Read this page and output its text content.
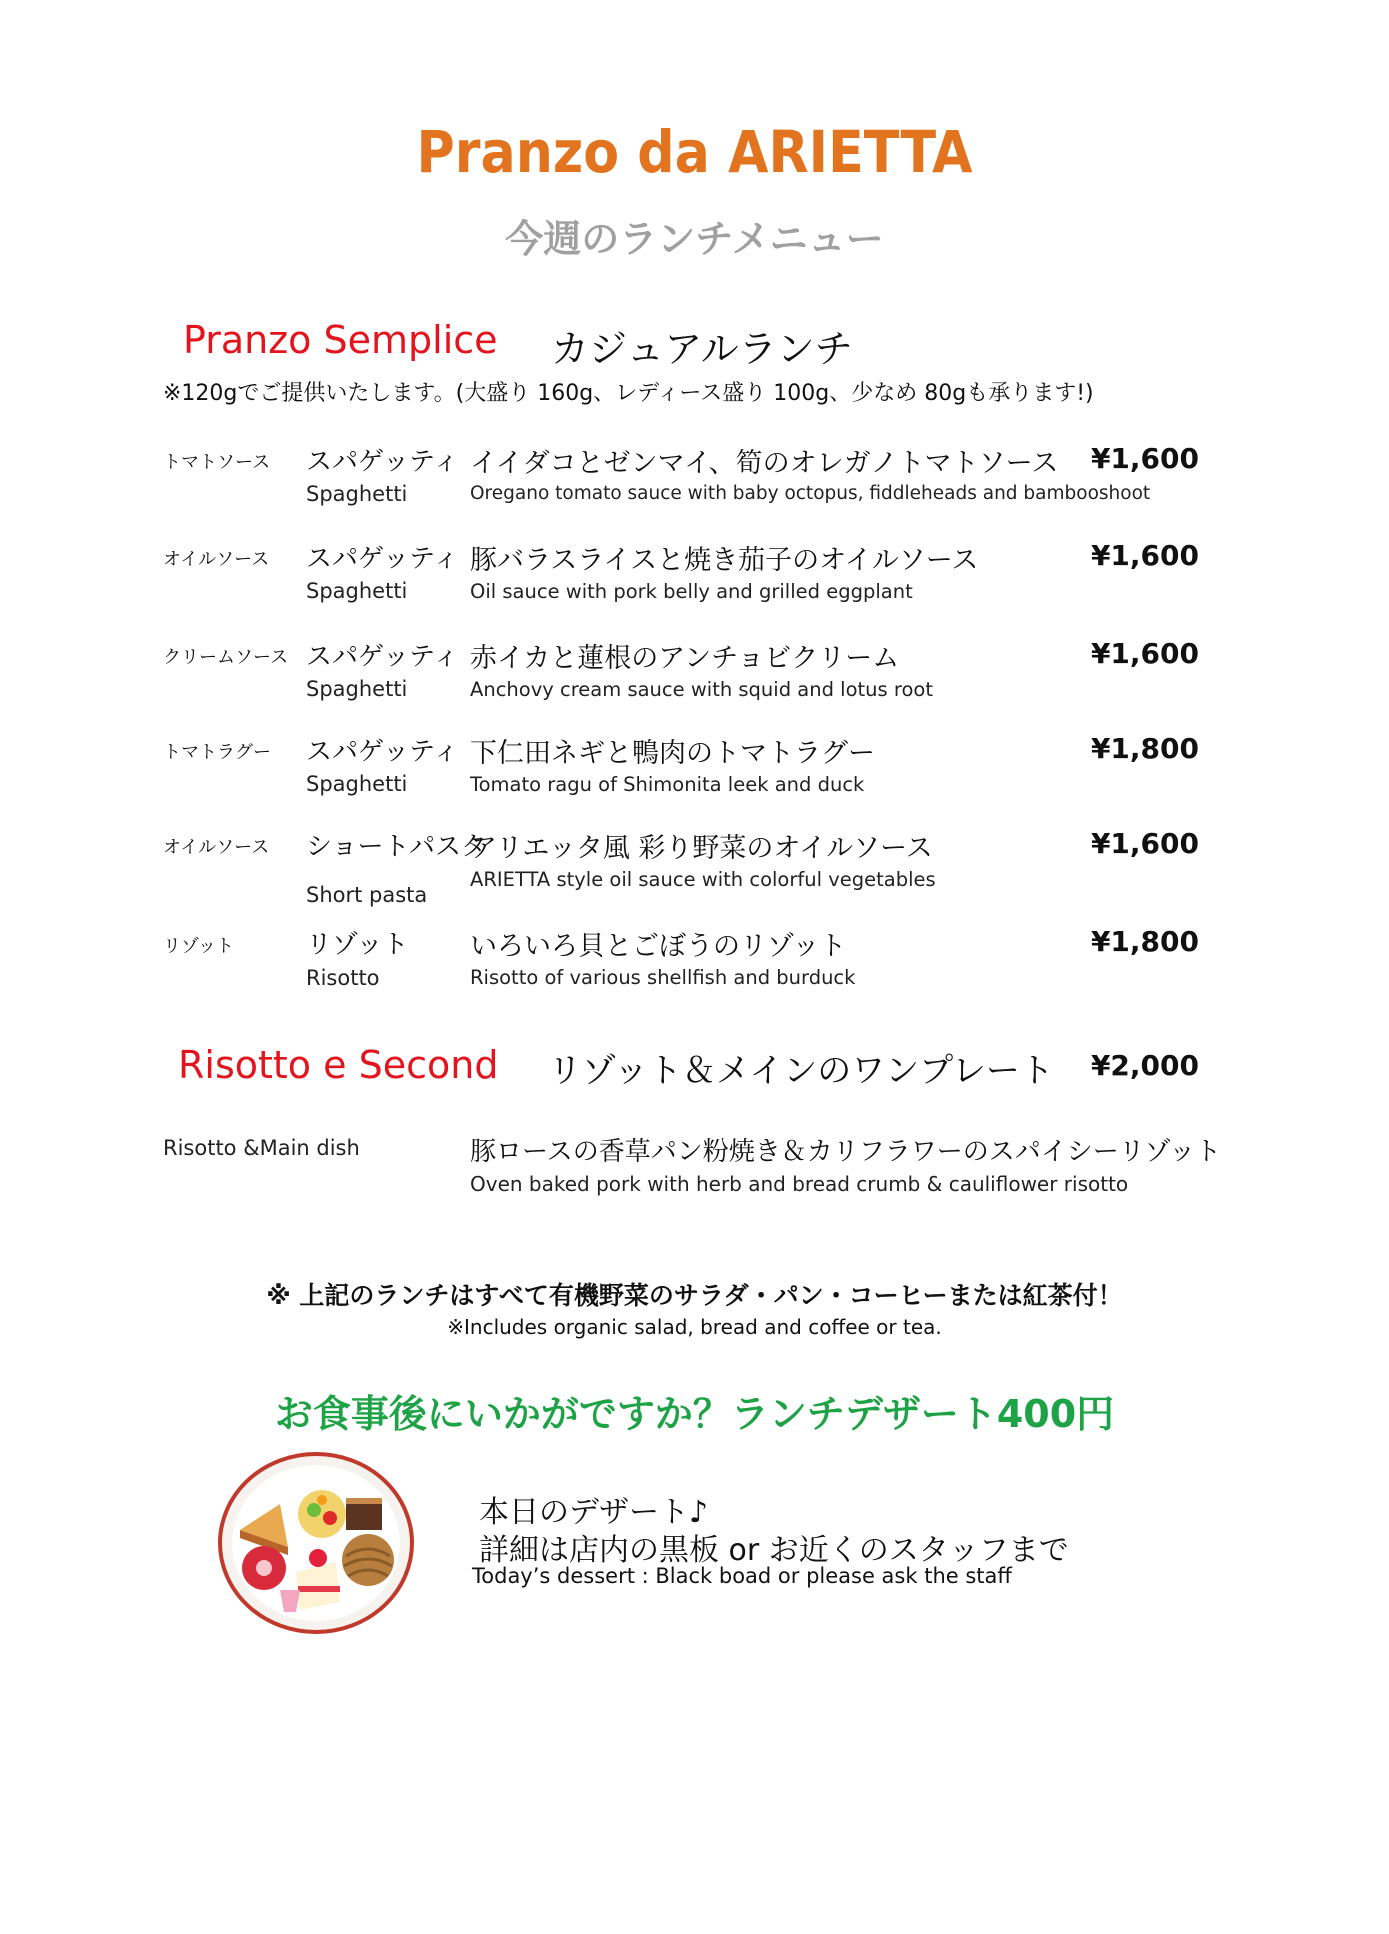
Pranzo da ARIETTA
今週のランチメニュー
Pranzo Semplice カジュアルランチ
※120gでご提供いたします。(大盛り 160g、レディース盛り 100g、少なめ 80gも承ります!)
トマトソース スパゲッティ
Spaghetti
イイダコとゼンマイ、筍のオレガノトマトソース
Oregano tomato sauce with baby octopus, fiddleheads and bambooshoot
¥1,600
オイルソース スパゲッティ
Spaghetti
豚バラスライスと焼き茄子のオイルソース
Oil sauce with pork belly and grilled eggplant
¥1,600
クリームソース スパゲッティ
Spaghetti
赤イカと蓮根のアンチョビクリーム
Anchovy cream sauce with squid and lotus root
¥1,600
トマトラグー スパゲッティ
Spaghetti
下仁田ネギと鴨肉のトマトラグー
Tomato ragu of Shimonita leek and duck
¥1,800
オイルソース ショートパスタ
Short pasta
アリエッタ風 彩り野菜のオイルソース
ARIETTA style oil sauce with colorful vegetables
¥1,600
リゾット	リゾット
Risotto
いろいろ貝とごぼうのリゾット
Risotto of various shellfish and burduck
¥1,800
Risotto e Second リゾット＆メインのワンプレート ¥2,000
Risotto &Main dish	豚ロースの香草パン粉焼き＆カリフラワーのスパイシーリゾット
Oven baked pork with herb and bread crumb & cauliflower risotto
※ 上記のランチはすべて有機野菜のサラダ・パン・コーヒーまたは紅茶付！
※Includes organic salad, bread and coffee or tea.
お食事後にいかがですか？ランチデザート400円
本日のデザート♪
詳細は店内の黒板 or お近くのスタッフまで
Today’s dessert : Black boad or please ask the staff
